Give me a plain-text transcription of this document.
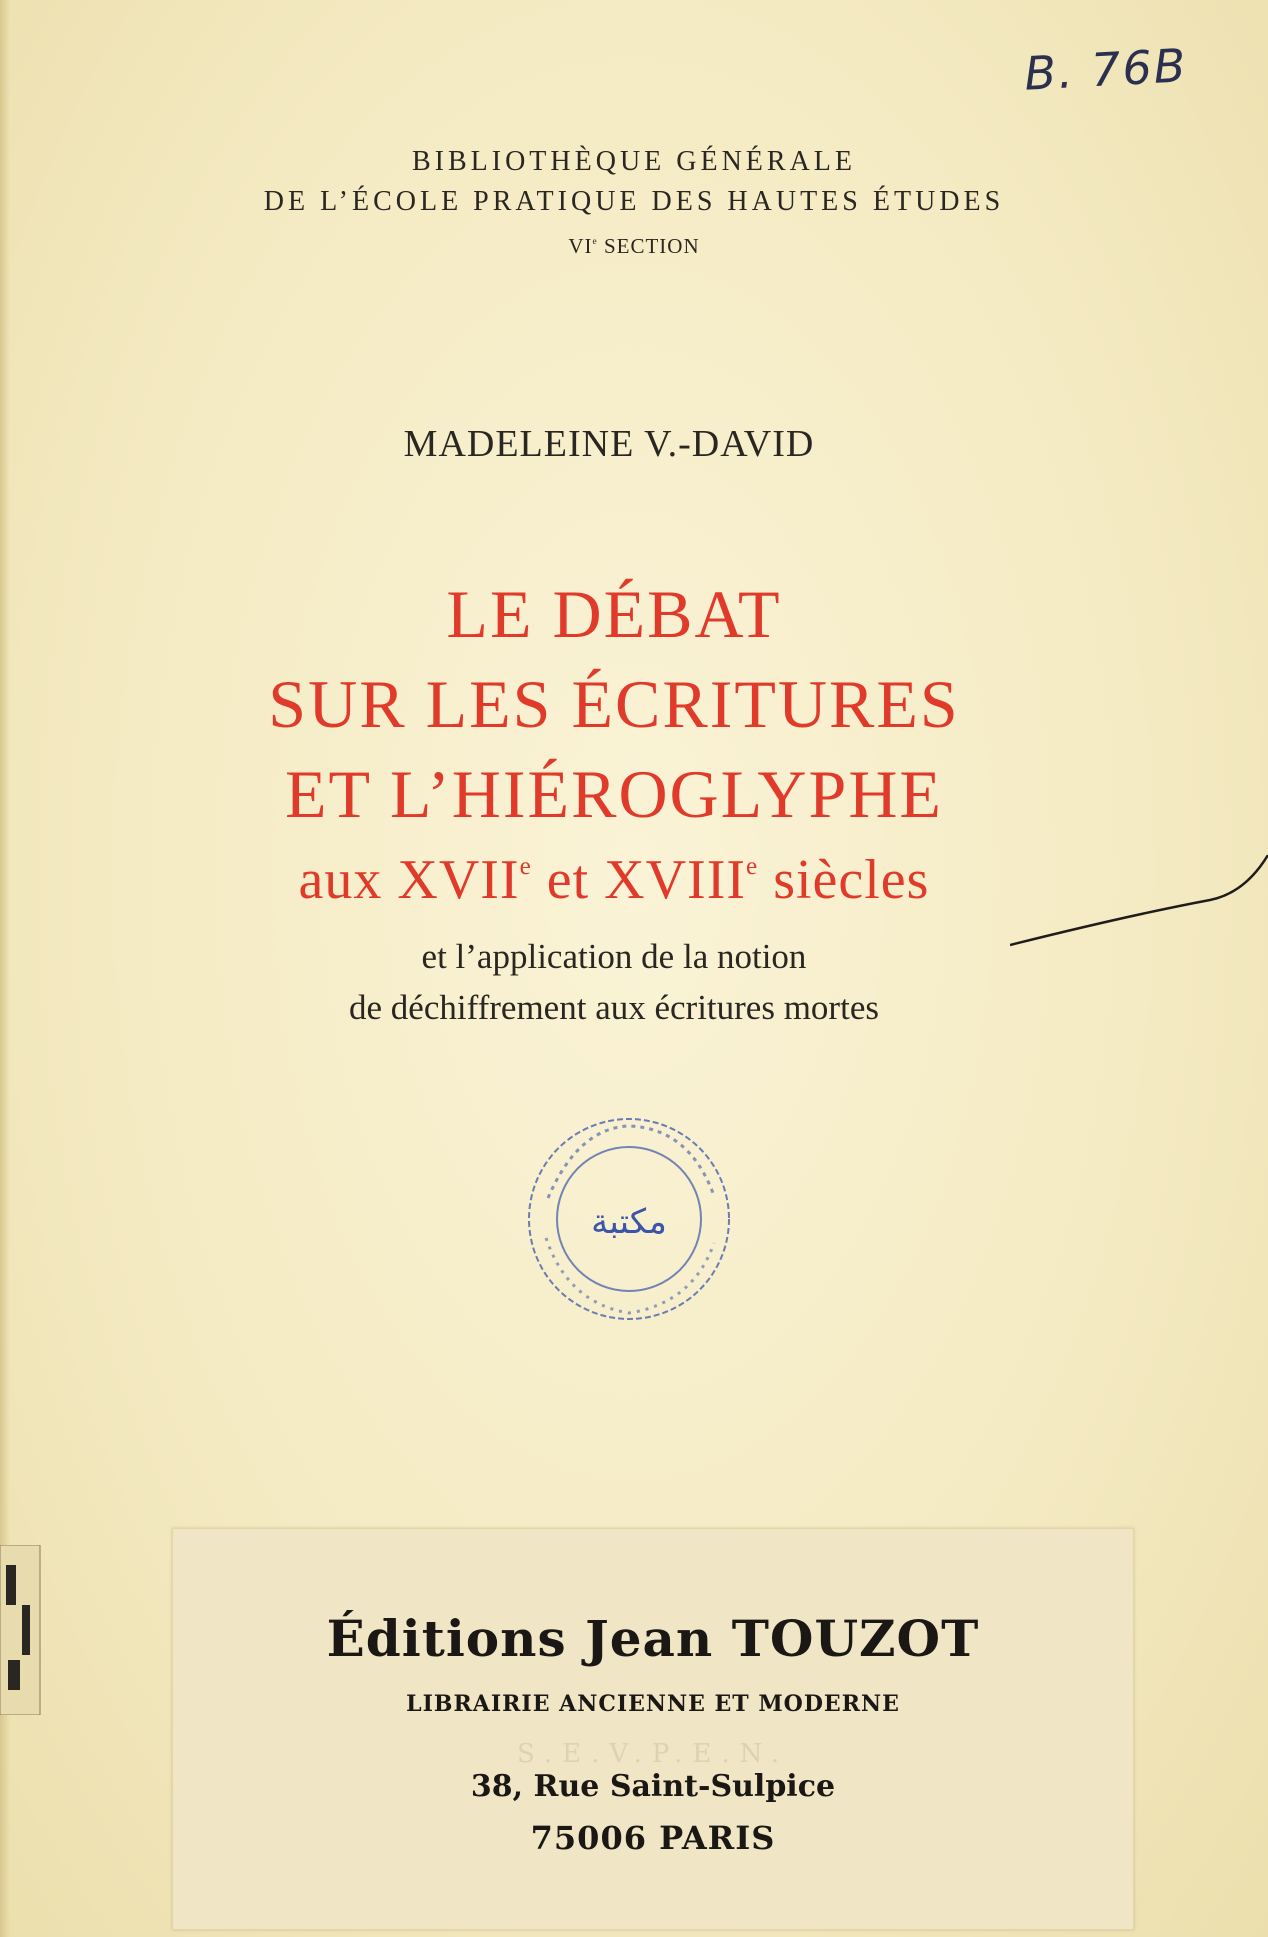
B. 76B
BIBLIOTHÈQUE GÉNÉRALE
DE L’ÉCOLE PRATIQUE DES HAUTES ÉTUDES
VIe SECTION
MADELEINE V.-DAVID
LE DÉBAT
SUR LES ÉCRITURES
ET L’HIÉROGLYPHE
aux XVIIe et XVIIIe siècles
et l’application de la notion
de déchiffrement aux écritures mortes
مكتبة
S.E.V.P.E.N.
Éditions Jean TOUZOT
LIBRAIRIE ANCIENNE ET MODERNE
38, Rue Saint-Sulpice
75006 PARIS
